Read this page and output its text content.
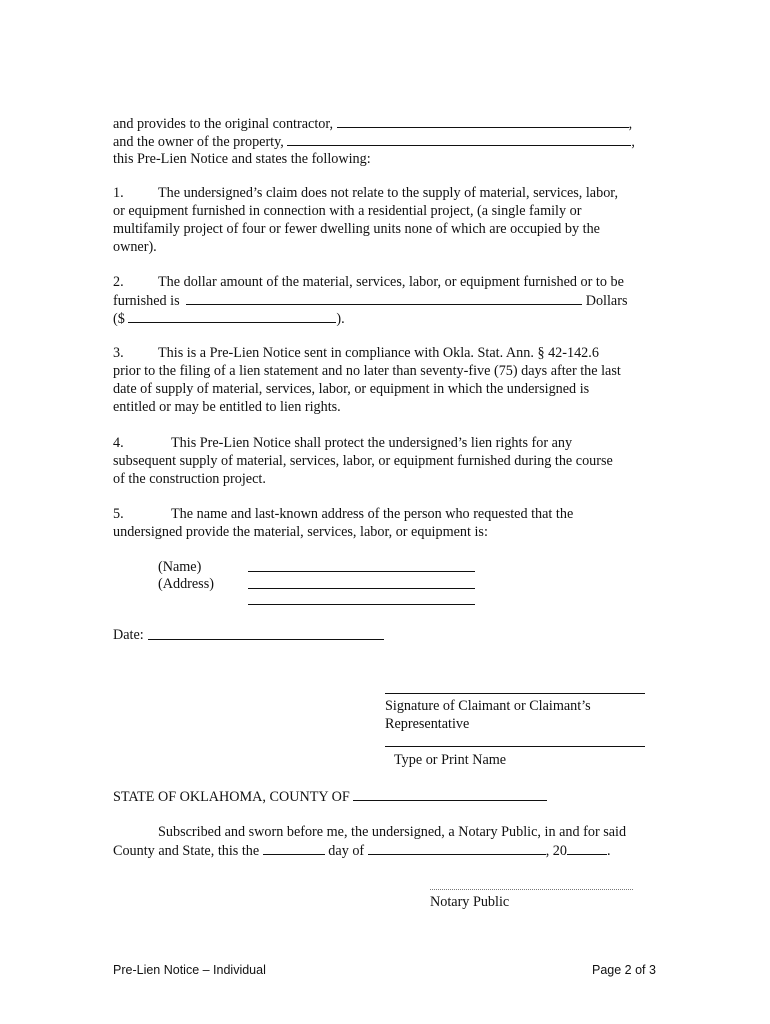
and provides to the original contractor,	,
and the owner of the property,	,
this Pre-Lien Notice and states the following:
1. The undersigned’s claim does not relate to the supply of material, services, labor,
or equipment furnished in connection with a residential project, (a single family or
multifamily project of four or fewer dwelling units none of which are occupied by the
owner).
2. The dollar amount of the material, services, labor, or equipment furnished or to be
furnished is	Dollars
($	).
3. This is a Pre-Lien Notice sent in compliance with Okla. Stat. Ann. § 42-142.6
prior to the filing of a lien statement and no later than seventy-five (75) days after the last
date of supply of material, services, labor, or equipment in which the undersigned is
entitled or may be entitled to lien rights.
4.	This Pre-Lien Notice shall protect the undersigned’s lien rights for any
subsequent supply of material, services, labor, or equipment furnished during the course
of the construction project.
5.	The name and last-known address of the person who requested that the
undersigned provide the material, services, labor, or equipment is:
(Name)
(Address)
Date:
Signature of Claimant or Claimant’s
Representative
Type or Print Name
STATE OF OKLAHOMA, COUNTY OF
Subscribed and sworn before me, the undersigned, a Notary Public, in and for said
County and State, this the	day of	, 20	.
Notary Public
Pre-Lien Notice – Individual	Page 2 of 3
